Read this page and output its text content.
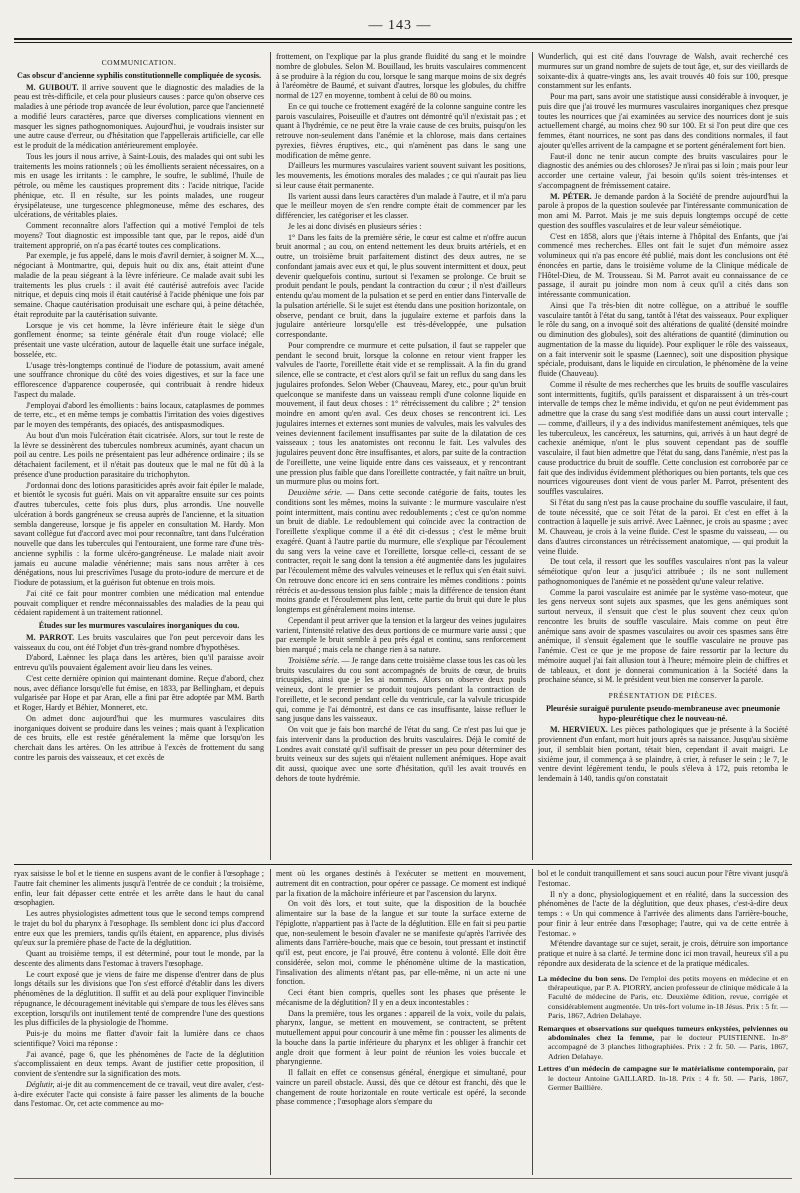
— 143 —
COMMUNICATION.
Cas obscur d'ancienne syphilis constitutionnelle compliquée de sycosis.

M. GUIBOUT. Il arrive souvent que le diagnostic des maladies de la peau est très-difficile, et cela pour plusieurs causes : parce qu'on observe ces maladies à une période trop avancée de leur évolution, parce que l'ancienneté a modifié leurs caractères, parce que diverses complications viennent en masquer les signes pathognomoniques. Aujourd'hui, je voudrais insister sur une autre cause d'erreur, ou d'hésitation que l'appellerais artificielle, car elle est le produit de la médication antérieurement employée.

Tous les jours il nous arrive, à Saint-Louis, des malades qui ont subi les traitements les moins rationnels ; où les émollients seraient nécessaires, on a mis en usage les irritants : le camphre, le soufre, le sublimé, l'huile de pétrole, ou même les caustiques proprement dits : l'acide nitrique, l'acide phénique, etc. Il en résulte, sur les points malades, une rougeur érysipélateuse, une turgescence phlegmoneuse, même des eschares, des ulcérations, de véritables plaies.

Comment reconnaître alors l'affection qui a motivé l'emploi de tels moyens? Tout diagnostic est impossible tant que, par le repos, aidé d'un traitement approprié, on n'a pas écarté toutes ces complications.

Par exemple, je fus appelé, dans le mois d'avril dernier, à soigner M. X..., négociant à Montmartre, qui, depuis huit ou dix ans, était atteint d'une maladie de la peau siégeant à la lèvre inférieure. Ce malade avait subi les traitements les plus cruels : il avait été cautérisé autrefois avec l'acide nitrique, et depuis cinq mois il était cautérisé à l'acide phénique une fois par semaine. Chaque cautérisation produisait une eschare qui, à peine détachée, était reproduite par la cautérisation suivante.

Lorsque je vis cet homme, la lèvre inférieure était le siège d'un gonflement énorme; sa teinte générale était d'un rouge violacé; elle présentait une vaste ulcération, autour de laquelle était une surface inégale, bosselée, etc.

L'usage très-longtemps continué de l'iodure de potassium, avait amené une souffrance chronique du côté des voies digestives, et sur la face une efflorescence d'apparence couperosée, qui contribuait à rendre hideux l'aspect du malade.

J'employai d'abord les émollients : bains locaux, cataplasmes de pommes de terre, etc., et en même temps je combattis l'irritation des voies digestives par le moyen des tempérants, des opiacés, des antispasmodiques.

Au bout d'un mois l'ulcération était cicatrisée. Alors, sur tout le reste de la lèvre se dessinèrent des tubercules nombreux acuminés, ayant chacun un poil au centre. Les poils ne présentaient pas leur adhérence ordinaire ; ils se détachaient facilement, et il n'était pas douteux que le mal ne fût dû à la présence d'une production parasitaire du trichophyton.

J'ordonnai donc des lotions parasiticides après avoir fait épiler le malade, et bientôt le sycosis fut guéri. Mais on vit apparaître ensuite sur ces points d'autres tubercules, cette fois plus durs, plus arrondis. Une nouvelle ulcération à bords gangréneux se creusa auprès de l'ancienne, et la situation sembla dangereuse, lorsque je fis appeler en consultation M. Hardy. Mon savant collègue fut d'accord avec moi pour reconnaître, tant dans l'ulcération nouvelle que dans les tubercules qui l'entouraient, une forme rare d'une très-ancienne syphilis : la forme ulcéro-gangréneuse. Le malade niait avoir jamais eu aucune maladie vénérienne; mais sans nous arrêter à ces dénégations, nous lui prescrivîmes l'usage du proto-iodure de mercure et de l'iodure de potassium, et la guérison fut obtenue en trois mois.

J'ai cité ce fait pour montrer combien une médication mal entendue pouvait compliquer et rendre méconnaissables des maladies de la peau qui cédaient rapidement à un traitement rationnel.

Études sur les murmures vasculaires inorganiques du cou.

M. PARROT. Les bruits vasculaires que l'on peut percevoir dans les vaisseaux du cou, ont été l'objet d'un très-grand nombre d'hypothèses.

D'abord, Laënnec les plaça dans les artères, bien qu'il paraisse avoir entrevu qu'ils pouvaient également avoir lieu dans les veines.

C'est cette dernière opinion qui maintenant domine. Reçue d'abord, chez nous, avec défiance lorsqu'elle fut émise, en 1833, par Bellingham, et depuis vulgarisée par Hope et par Aran, elle a fini par être adoptée par MM. Barth et Roger, Hardy et Béhier, Monneret, etc.

On admet donc aujourd'hui que les murmures vasculaires dits inorganiques doivent se produire dans les veines ; mais quant à l'explication de ces bruits, elle est restée généralement la même que lorsqu'on les cherchait dans les artères. On les attribue à l'excès de frottement du sang contre les parois des vaisseaux, et cet excès de

frottement, on l'explique par la plus grande fluidité du sang et le moindre nombre de globules. Selon M. Bouillaud, les bruits vasculaires commencent à se produire à la région du cou, lorsque le sang marque moins de six degrés à l'aréomètre de Baumé, et suivant d'autres, lorsque les globules, du chiffre normal de 127 en moyenne, tombent à celui de 80 ou moins.

En ce qui touche ce frottement exagéré de la colonne sanguine contre les parois vasculaires, Poiseuille et d'autres ont démontré qu'il n'existait pas ; et quant à l'hydrémie, ce ne peut être la vraie cause de ces bruits, puisqu'on les retrouve non-seulement dans l'anémie et la chlorose, mais dans certaines pyrexies, fièvres éruptives, etc., qui n'amènent pas dans le sang une modification de même genre.

D'ailleurs les murmures vasculaires varient souvent suivant les positions, les mouvements, les émotions morales des malades ; ce qui n'aurait pas lieu si leur cause était permanente.

Ils varient aussi dans leurs caractères d'un malade à l'autre, et il m'a paru que le meilleur moyen de s'en rendre compte était de commencer par les différencier, les catégoriser et les classer.

Je les ai donc divisés en plusieurs séries :

1° Dans les faits de la première série, le cœur est calme et n'offre aucun bruit anormal ; au cou, on entend nettement les deux bruits artériels, et en outre, un troisième bruit parfaitement distinct des deux autres, ne se confondant jamais avec eux et qui, le plus souvent intermittent et doux, peut devenir quelquefois continu, surtout si l'examen se prolonge. Ce bruit se produit pendant le pouls, pendant la contraction du cœur ; il n'est d'ailleurs entendu qu'au moment de la pulsation et se perd en entier dans l'intervalle de la pulsation artérielle. Si le sujet est étendu dans une position horizontale, on observe, pendant ce bruit, dans la jugulaire externe et parfois dans la jugulaire antérieure lorsqu'elle est très-développée, une pulsation correspondante.

Pour comprendre ce murmure et cette pulsation, il faut se rappeler que pendant le second bruit, lorsque la colonne en retour vient frapper les valvules de l'aorte, l'oreillette était vide et se remplissait. A la fin du grand silence, elle se contracte, et c'est alors qu'il se fait un reflux du sang dans les jugulaires profondes. Selon Weber (Chauveau, Marey, etc., pour qu'un bruit quelconque se manifeste dans un vaisseau rempli d'une colonne liquide en mouvement, il faut deux choses : 1° rétrécissement du calibre ; 2° tension moindre en amont qu'en aval. Ces deux choses se rencontrent ici. Les jugulaires internes et externes sont munies de valvules, mais les valvules des veines deviennent facilement insuffisantes par suite de la dilatation de ces vaisseaux ; tous les anatomistes ont reconnu le fait. Les valvules des jugulaires peuvent donc être insuffisantes, et alors, par suite de la contraction de l'oreillette, une veine liquide entre dans ces vaisseaux, et y rencontrant une pression plus faible que dans l'oreillette contractée, y fait naître un bruit, un murmure plus ou moins fort.

Deuxième série. — Dans cette seconde catégorie de faits, toutes les conditions sont les mêmes, moins la suivante : le murmure vasculaire n'est point intermittent, mais continu avec redoublements ; c'est ce qu'on nomme un bruit de diable. Le redoublement qui coïncide avec la contraction de l'oreillette s'explique comme il a été dit ci-dessus ; c'est le même bruit exagéré. Quant à l'autre partie du murmure, elle s'explique par l'écoulement du sang vers la veine cave et l'oreillette, lorsque celle-ci, cessant de se contracter, reçoit le sang dont la tension a été augmentée dans les jugulaires par l'écoulement même des valvules veineuses et le reflux qui s'en était suivi. On retrouve donc encore ici en sens contraire les mêmes conditions : points rétrécis et au-dessous tension plus faible ; mais la différence de tension étant moins grande et l'écoulement plus lent, cette partie du bruit qui dure le plus longtemps est généralement moins intense.

Cependant il peut arriver que la tension et la largeur des veines jugulaires varient, l'intensité relative des deux portions de ce murmure varie aussi ; que par exemple le bruit semble à peu près égal et continu, sans renforcement bien marqué ; mais cela ne change rien à sa nature.

Troisième série. — Je range dans cette troisième classe tous les cas où les bruits vasculaires du cou sont accompagnés de bruits de cœur, de bruits tricuspides, ainsi que je les ai nommés. Alors on observe deux pouls veineux, dont le premier se produit toujours pendant la contraction de l'oreillette, et le second pendant celle du ventricule, car la valvule tricuspide qui, comme je l'ai démontré, est dans ce cas insuffisante, laisse refluer le sang jusque dans les vaisseaux.

On voit que je fais bon marché de l'état du sang. Ce n'est pas lui que je fais intervenir dans la production des bruits vasculaires. Déjà le comité de Londres avait constaté qu'il suffisait de presser un peu pour déterminer des bruits veineux sur des sujets qui n'étaient nullement anémiques. Hope avait dit aussi, quoique avec une sorte d'hésitation, qu'il les avait trouvés en dehors de toute hydrémie.

Wunderlich, qui est cité dans l'ouvrage de Walsh, avait recherché ces murmures sur un grand nombre de sujets de tout âge, et, sur des vieillards de soixante-dix à quatre-vingts ans, les avait trouvés 40 fois sur 100, presque constamment sur les enfants.

Pour ma part, sans avoir une statistique aussi considérable à invoquer, je puis dire que j'ai trouvé les murmures vasculaires inorganiques chez presque toutes les nourrices que j'ai examinées au service des nourrices dont je suis actuellement chargé, au moins chez 90 sur 100. Et si l'on peut dire que ces femmes, étant nourrices, ne sont pas dans des conditions normales, il faut ajouter qu'elles arrivent de la campagne et se portent généralement fort bien.

Faut-il donc ne tenir aucun compte des bruits vasculaires pour le diagnostic des anémies ou des chloroses? Je n'irai pas si loin ; mais pour leur accorder une certaine valeur, j'ai besoin qu'ils soient très-intenses et s'accompagnent de frémissement cataire.

M. PÉTER. Je demande pardon à la Société de prendre aujourd'hui la parole à propos de la question soulevée par l'intéressante communication de mon ami M. Parrot. Mais je me suis depuis longtemps occupé de cette question des souffles vasculaires et de leur valeur séméiotique.

C'est en 1858, alors que j'étais interne à l'hôpital des Enfants, que j'ai commencé mes recherches. Elles ont fait le sujet d'un mémoire assez volumineux qui n'a pas encore été publié, mais dont les conclusions ont été énoncées en partie, dans le troisième volume de la Clinique médicale de l'Hôtel-Dieu, de M. Trousseau. Si M. Parrot avait eu connaissance de ce passage, il aurait pu joindre mon nom à ceux qu'il a cités dans son intéressante communication.

Ainsi que l'a très-bien dit notre collègue, on a attribué le souffle vasculaire tantôt à l'état du sang, tantôt à l'état des vaisseaux. Pour expliquer le rôle du sang, on a invoqué soit des altérations de qualité (densité moindre ou diminution des globules), soit des altérations de quantité (diminution ou augmentation de la masse du liquide). Pour expliquer le rôle des vaisseaux, on a fait intervenir soit le spasme (Laennec), soit une disposition physique spéciale, produisant, dans le liquide en circulation, le phénomène de la veine fluide (Chauveau).

Comme il résulte de mes recherches que les bruits de souffle vasculaires sont intermittents, fugitifs, qu'ils paraissent et disparaissent à un très-court intervalle de temps chez le même individu, et qu'on ne peut évidemment pas admettre que la crase du sang s'est modifiée dans un aussi court intervalle ; — comme, d'ailleurs, il y a des individus manifestement anémiques, tels que les tuberculeux, les cancéreux, les saturnins, qui, arrivés à un haut degré de cachexie anémique, n'ont le plus souvent cependant pas de souffle vasculaire, il faut bien admettre que l'état du sang, dans l'anémie, n'est pas la cause productrice du bruit de souffle. Cette conclusion est corroborée par ce fait que des individus évidemment pléthoriques ou bien portants, tels que ces nourrices vigoureuses dont vient de vous parler M. Parrot, présentent des souffles vasculaires.

Si l'état du sang n'est pas la cause prochaine du souffle vasculaire, il faut, de toute nécessité, que ce soit l'état de la paroi. Et c'est en effet à la contraction à laquelle je suis arrivé. Avec Laënnec, je crois au spasme ; avec M. Chauveau, je crois à la veine fluide. C'est le spasme du vaisseau, — ou dans d'autres circonstances un rétrécissement anatomique, — qui produit la veine fluide.

De tout cela, il ressort que les souffles vasculaires n'ont pas la valeur séméiotique qu'on leur a jusqu'ici attribuée ; ils ne sont nullement pathognomoniques de l'anémie et ne possèdent qu'une valeur relative.

Comme la paroi vasculaire est animée par le système vaso-moteur, que les gens nerveux sont sujets aux spasmes, que les gens anémiques sont surtout nerveux, il s'ensuit que c'est le plus souvent chez ceux qu'on rencontre les bruits de souffle vasculaire. Mais comme on peut être anémique sans avoir de spasmes vasculaires ou avoir ces spasmes sans être anémique, il s'ensuit également que le souffle vasculaire ne prouve pas l'anémie. C'est ce que je me propose de faire ressortir par la lecture du mémoire auquel j'ai fait allusion tout à l'heure; mémoire plein de chiffres et de tableaux, et dont je donnerai communication à la Société dans la prochaine séance, si M. le président veut bien me conserver la parole.

PRÉSENTATION DE PIÈCES.
Pleurésie suraiguë purulente pseudo-membraneuse avec pneumonie hypo-pleurétique chez le nouveau-né.

M. HERVIEUX. Les pièces pathologiques que je présente à la Société proviennent d'un enfant, mort huit jours après sa naissance. Jusqu'au sixième jour, il semblait bien portant, tétait bien, cependant il avait maigri. Le sixième jour, il commença à se plaindre, à crier, à refuser le sein ; le 7, le ventre devint légèrement tendu, le pouls s'éleva à 172, puis retomba le lendemain à 140, tandis qu'on constatait

ryax saisisse le bol et le tienne en suspens avant de le confier à l'œsophage ; l'autre fait cheminer les aliments jusqu'à l'entrée de ce conduit ; la troisième, enfin, leur fait dépasser cette entrée et les arrête dans le haut du canal œsophagien.

Les autres physiologistes admettent tous que le second temps comprend le trajet du bol du pharynx à l'œsophage. Ils semblent donc ici plus d'accord entre eux que les premiers, tandis qu'ils étaient, en apparence, plus divisés qu'eux sur la première phase de l'acte de la déglutition.

Quant au troisième temps, il est déterminé, pour tout le monde, par la descente des aliments dans l'estomac à travers l'œsophage.

Le court exposé que je viens de faire me dispense d'entrer dans de plus longs détails sur les divisions que l'on s'est efforcé d'établir dans les divers phénomènes de la déglutition. Il suffit et au delà pour expliquer l'invincible répugnance, le découragement inévitable qui s'empare de tous les élèves sans exception, lorsqu'ils ont inutilement tenté de comprendre l'une des questions les plus difficiles de la physiologie de l'homme.

Puis-je du moins me flatter d'avoir fait la lumière dans ce chaos scientifique? Voici ma réponse :

J'ai avancé, page 6, que les phénomènes de l'acte de la déglutition s'accomplissaient en deux temps. Avant de justifier cette proposition, il convient de s'entendre sur la signification des mots.

Déglutir, ai-je dit au commencement de ce travail, veut dire avaler, c'est-à-dire exécuter l'acte qui consiste à faire passer les aliments de la bouche dans l'estomac. Or, cet acte commence au mo-

ment où les organes destinés à l'exécuter se mettent en mouvement, autrement dit en contraction, pour opérer ce passage. Ce moment est indiqué par la fixation de la mâchoire inférieure et par l'ascension du larynx.

On voit dès lors, et tout suite, que la disposition de la bouchée alimentaire sur la base de la langue et sur toute la surface externe de l'épiglotte, n'appartient pas à l'acte de la déglutition. Elle en fait si peu partie que, non-seulement le besoin d'avaler ne se manifeste qu'après l'arrivée des aliments dans l'arrière-bouche, mais que ce besoin, tout pressant et instinctif qu'il est, peut encore, je l'ai prouvé, être contenu à volonté. Elle doit être considérée, selon moi, comme le phénomène ultime de la mastication, l'insalivation des aliments n'étant pas, par elle-même, ni un acte ni une fonction.

Ceci étant bien compris, quelles sont les phases que présente le mécanisme de la déglutition? Il y en a deux incontestables :

Dans la première, tous les organes : appareil de la voix, voile du palais, pharynx, langue, se mettent en mouvement, se contractent, se prêtent mutuellement appui pour concourir à une même fin : pousser les aliments de la bouche dans la partie inférieure du pharynx et les obliger à franchir cet angle droit que forment à leur point de réunion les voies buccale et pharyngienne.

Il fallait en effet ce consensus général, énergique et simultané, pour vaincre un pareil obstacle. Aussi, dès que ce détour est franchi, dès que le changement de route horizontale en route verticale est opéré, la seconde phase commence ; l'œsophage alors s'empare du

bol et le conduit tranquillement et sans souci aucun pour l'être vivant jusqu'à l'estomac.

Il n'y a donc, physiologiquement et en réalité, dans la succession des phénomènes de l'acte de la déglutition, que deux phases, c'est-à-dire deux temps : « Un qui commence à l'arrivée des aliments dans l'arrière-bouche, pour finir à leur entrée dans l'œsophage; l'autre, qui va de cette entrée à l'estomac. »

M'étendre davantage sur ce sujet, serait, je crois, détruire son importance pratique et nuire à sa clarté. Je termine donc ici mon travail, heureux s'il a pu répondre aux desiderata de la science et de la pratique médicales.

La médecine du bon sens. De l'emploi des petits moyens en médecine et en thérapeutique, par P. A. PIORRY, ancien professeur de clinique médicale à la Faculté de médecine de Paris, etc. Deuxième édition, revue, corrigée et considérablement augmentée. Un très-fort volume in-18 Jésus. Prix : 5 fr. — Paris, 1867, Adrien Delahaye.
Remarques et observations sur quelques tumeurs enkystées, pelviennes ou abdominales chez la femme, par le docteur PUISTIENNE. In-8° accompagné de 3 planches lithographiées. Prix : 2 fr. 50. — Paris, 1867, Adrien Delahaye.
Lettres d'un médecin de campagne sur le matérialisme contemporain, par le docteur Antoine GAILLARD. In-18. Prix : 4 fr. 50. — Paris, 1867, Germer Baillière.
